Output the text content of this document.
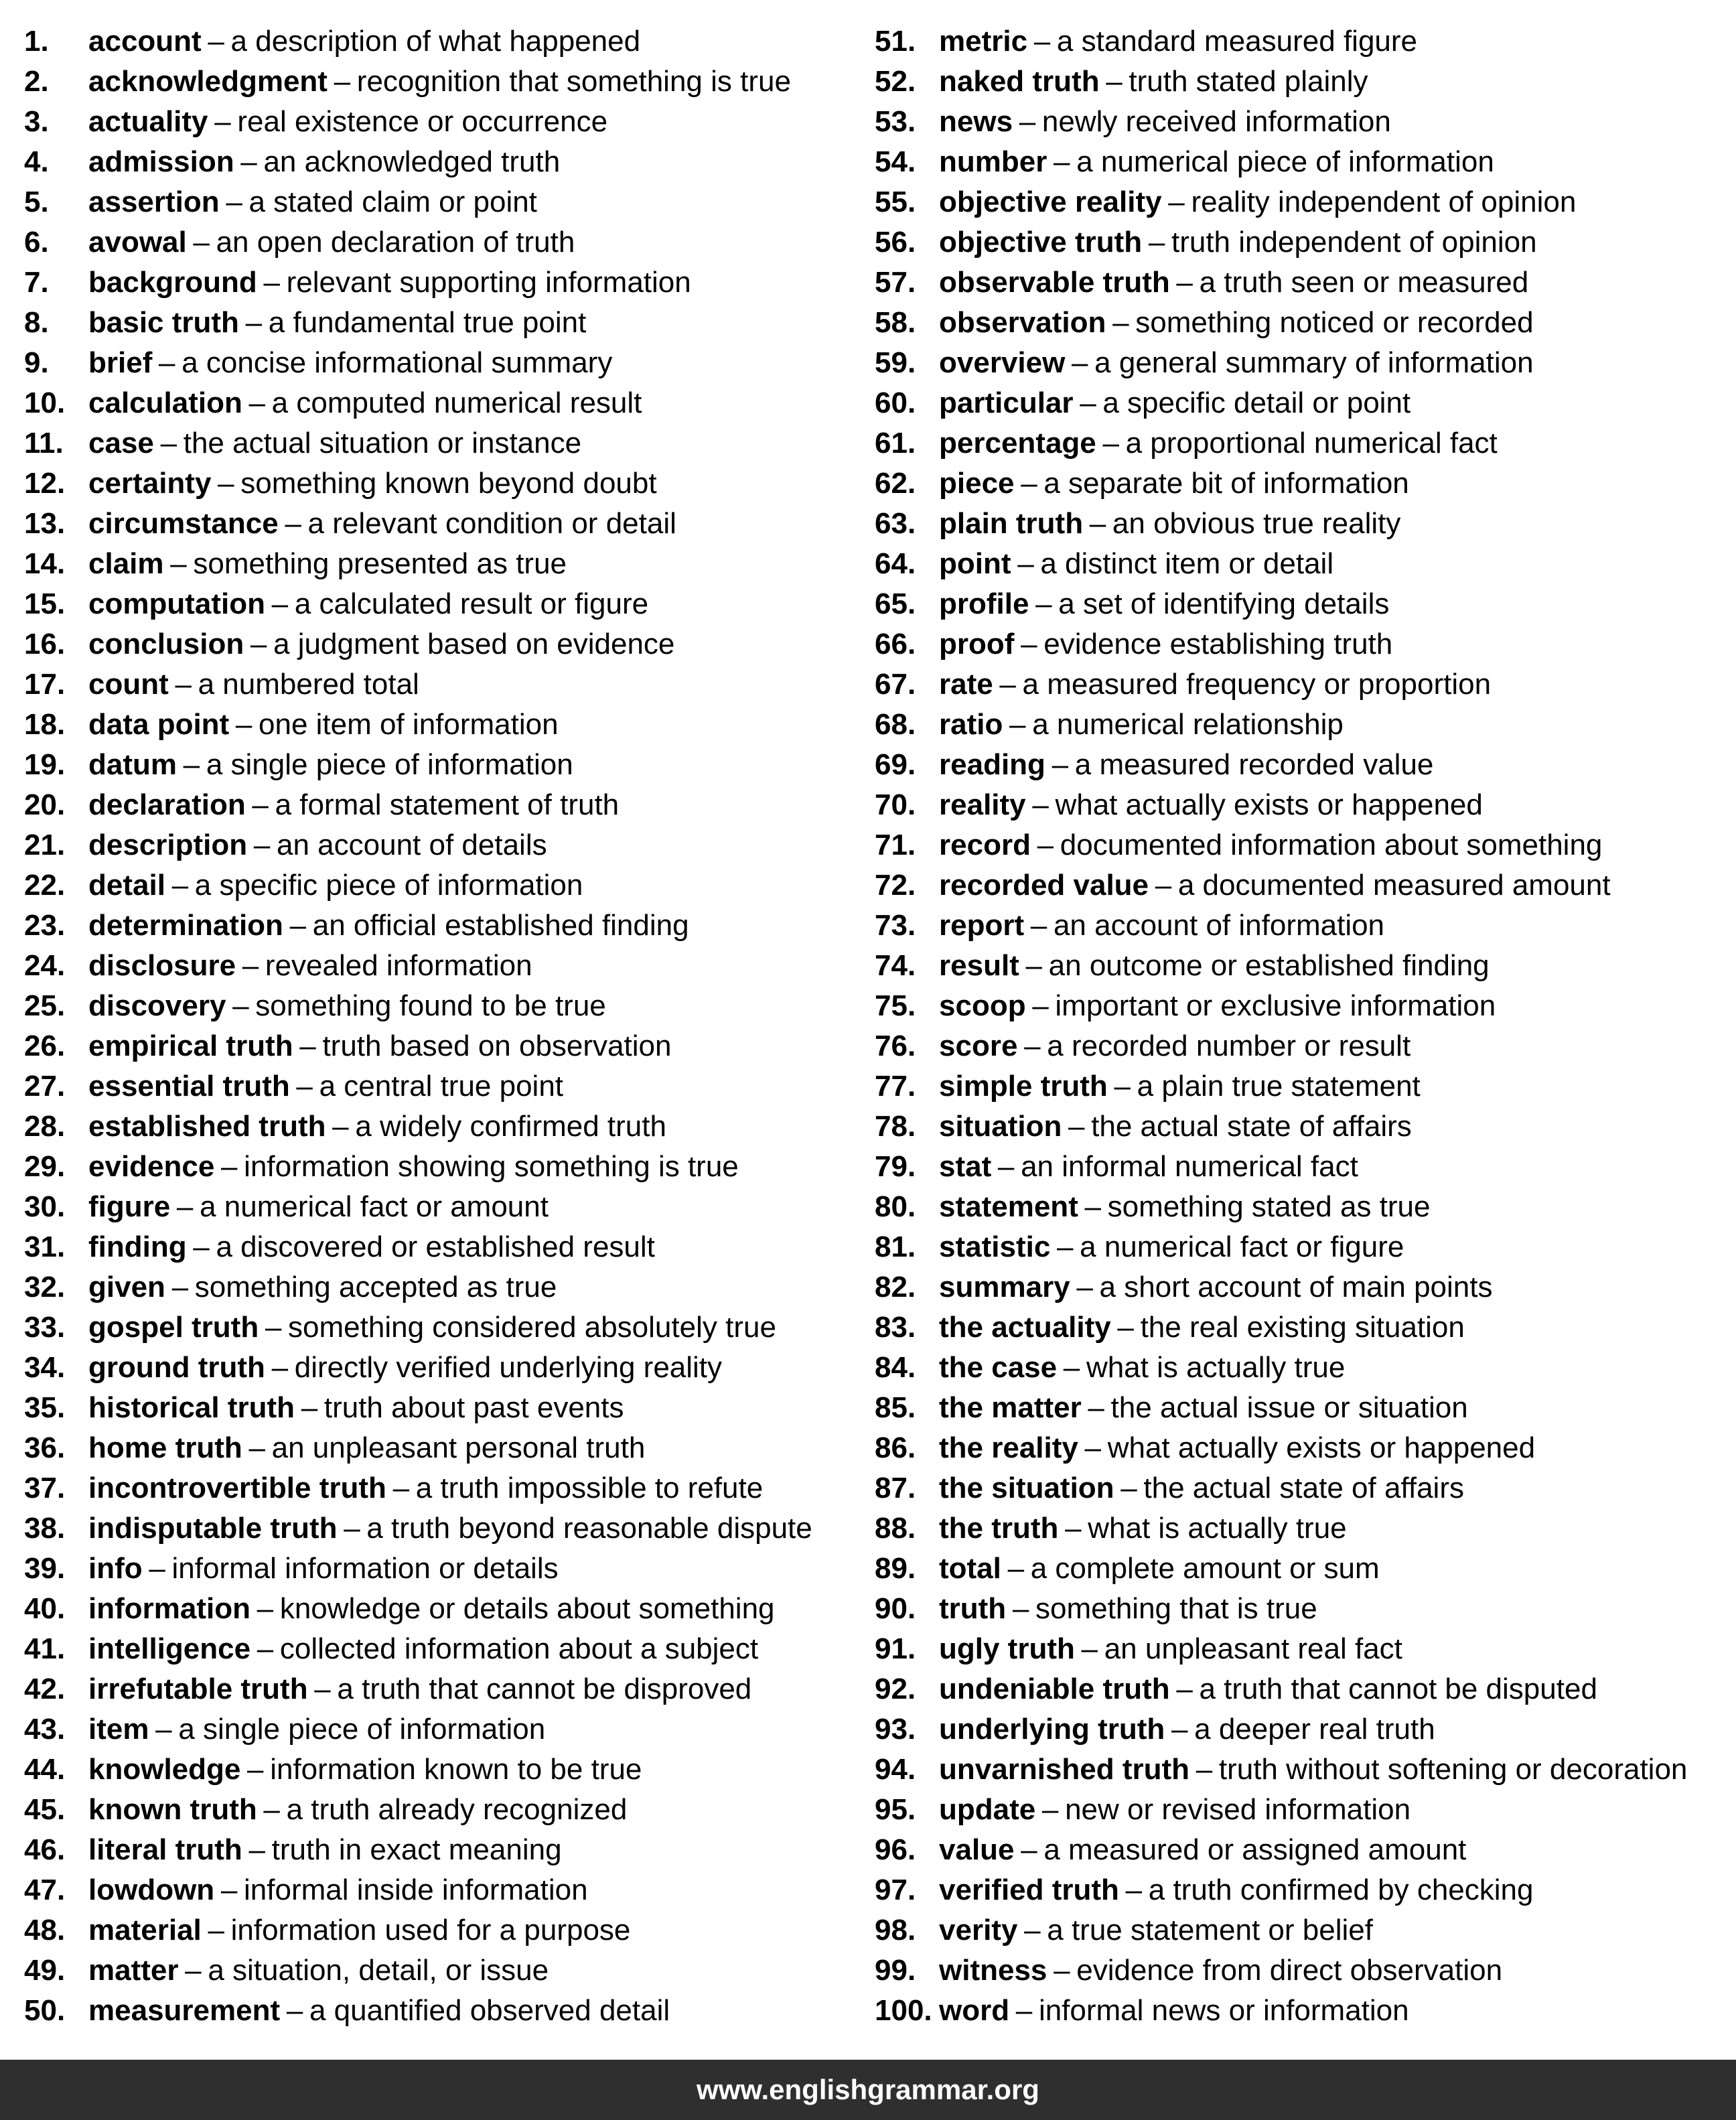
1.	account – a description of what happened
2.	acknowledgment – recognition that something is true
3.	actuality – real existence or occurrence
4.	admission – an acknowledged truth
5.	assertion – a stated claim or point
6.	avowal – an open declaration of truth
7.	background – relevant supporting information
8.	basic truth – a fundamental true point
9.	brief – a concise informational summary
10. calculation – a computed numerical result
11. case – the actual situation or instance
12. certainty – something known beyond doubt
13. circumstance – a relevant condition or detail
14. claim – something presented as true
15. computation – a calculated result or figure
16. conclusion – a judgment based on evidence
17. count – a numbered total
18. data point – one item of information
19. datum – a single piece of information
20. declaration – a formal statement of truth
21. description – an account of details
22. detail – a specific piece of information
23. determination – an official established finding
24. disclosure – revealed information
25. discovery – something found to be true
26. empirical truth – truth based on observation
27. essential truth – a central true point
28. established truth – a widely confirmed truth
29. evidence – information showing something is true
30. figure – a numerical fact or amount
31. finding – a discovered or established result
32. given – something accepted as true
33. gospel truth – something considered absolutely true
34. ground truth – directly verified underlying reality
35. historical truth – truth about past events
36. home truth – an unpleasant personal truth
37. incontrovertible truth – a truth impossible to refute
38. indisputable truth – a truth beyond reasonable dispute
39. info – informal information or details
40. information – knowledge or details about something
41. intelligence – collected information about a subject
42. irrefutable truth – a truth that cannot be disproved
43. item – a single piece of information
44. knowledge – information known to be true
45. known truth – a truth already recognized
46. literal truth – truth in exact meaning
47. lowdown – informal inside information
48. material – information used for a purpose
49. matter – a situation, detail, or issue
50. measurement – a quantified observed detail
51. metric – a standard measured figure
52. naked truth – truth stated plainly
53. news – newly received information
54. number – a numerical piece of information
55. objective reality – reality independent of opinion
56. objective truth – truth independent of opinion
57. observable truth – a truth seen or measured
58. observation – something noticed or recorded
59. overview – a general summary of information
60. particular – a specific detail or point
61. percentage – a proportional numerical fact
62. piece – a separate bit of information
63. plain truth – an obvious true reality
64. point – a distinct item or detail
65. profile – a set of identifying details
66. proof – evidence establishing truth
67. rate – a measured frequency or proportion
68. ratio – a numerical relationship
69. reading – a measured recorded value
70. reality – what actually exists or happened
71. record – documented information about something
72. recorded value – a documented measured amount
73. report – an account of information
74. result – an outcome or established finding
75. scoop – important or exclusive information
76. score – a recorded number or result
77. simple truth – a plain true statement
78. situation – the actual state of affairs
79. stat – an informal numerical fact
80. statement – something stated as true
81. statistic – a numerical fact or figure
82. summary – a short account of main points
83. the actuality – the real existing situation
84. the case – what is actually true
85. the matter – the actual issue or situation
86. the reality – what actually exists or happened
87. the situation – the actual state of affairs
88. the truth – what is actually true
89. total – a complete amount or sum
90. truth – something that is true
91. ugly truth – an unpleasant real fact
92. undeniable truth – a truth that cannot be disputed
93. underlying truth – a deeper real truth
94. unvarnished truth – truth without softening or decoration
95. update – new or revised information
96. value – a measured or assigned amount
97. verified truth – a truth confirmed by checking
98. verity – a true statement or belief
99. witness – evidence from direct observation
100. word – informal news or information
www.englishgrammar.org
